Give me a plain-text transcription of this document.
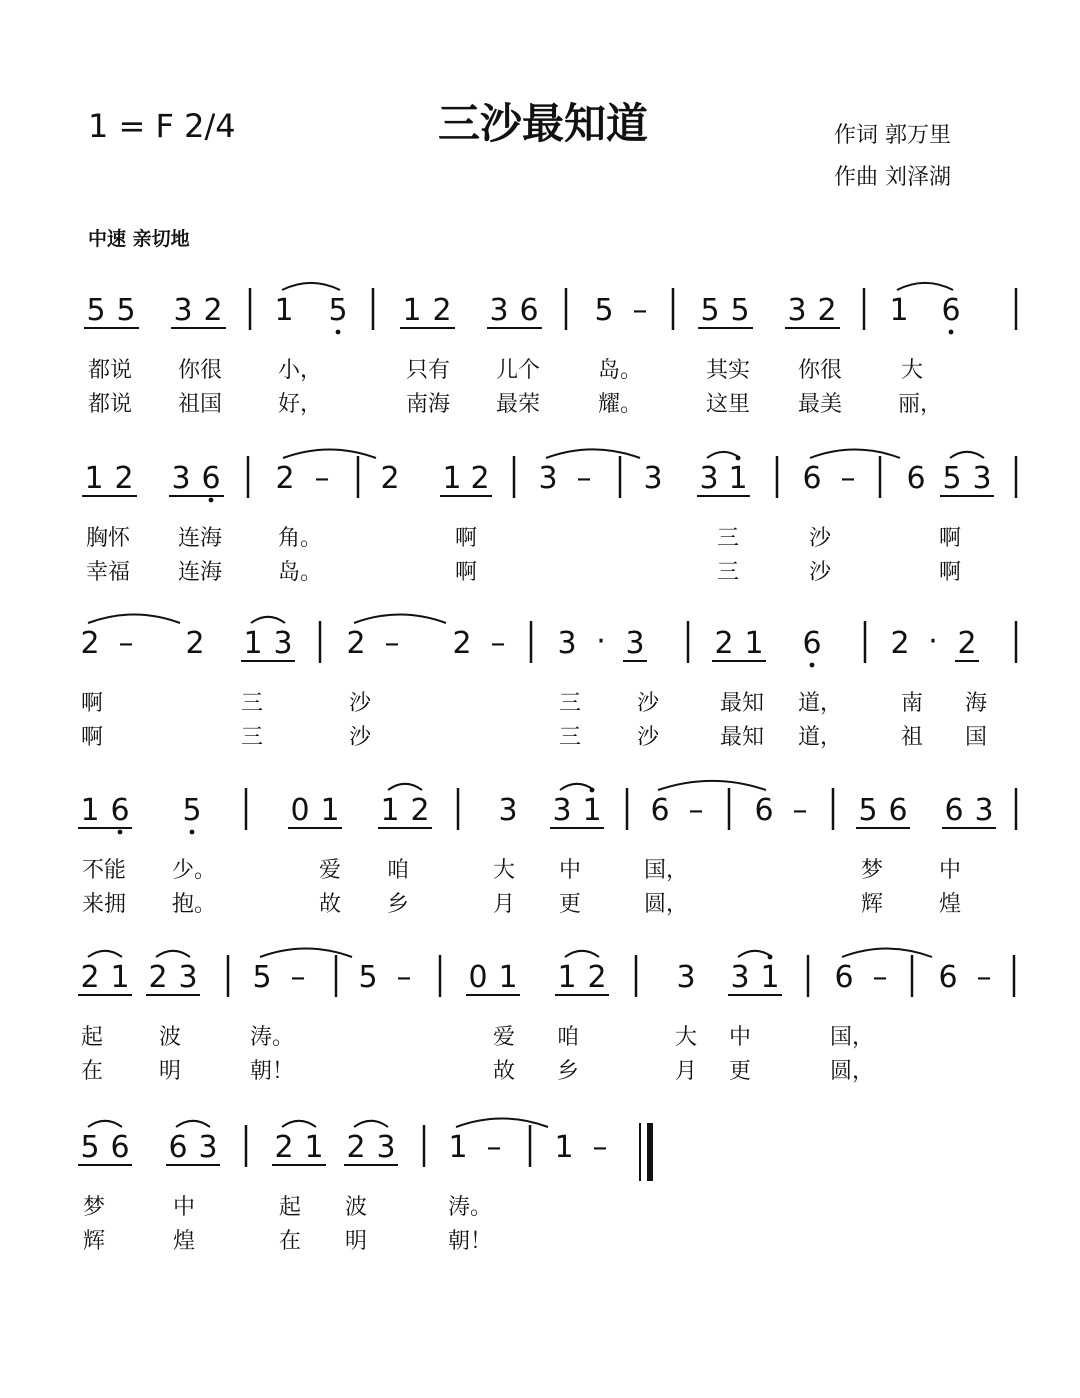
1 = F 2/4	三沙最知道	作词 郭万里
作曲 刘泽湖
中速 亲切地
5 5 3 2 1 5 1 2 3 6 5 – 5 5 3 2 1 6
都说 你很	小，	只有 儿个	岛。	其实 你很	大
都说 祖国	好，	南海 最荣	耀。	这里 最美	丽，
1 2 3 6 2 – 2 1 2 3 – 3 3 1 6 – 6 5 3
胸怀 连海	角。	啊	三	沙	啊
幸福 连海	岛。	啊	三	沙	啊
2 – 2 1 3 2 – 2 – 3 · 3 2 1 6 2 · 2
啊	三	沙	三	沙	最知 道，	南 海
啊	三	沙	三	沙	最知 道，	祖 国
1 6 5	0 1 1 2 3 3 1 6 – 6 – 5 6 6 3
不能 少。	爱 咱	大 中	国，	梦	中
来拥 抱。	故 乡	月 更	圆，	辉	煌
2 1 2 3 5 – 5 – 0 1 1 2 3 3 1 6 – 6 –
起	波	涛。	爱 咱	大 中	国，
在	明	朝！	故 乡	月 更	圆，
5 6 6 3 2 1 2 3 1 – 1 –
梦	中	起 波	涛。
辉	煌	在 明	朝！
